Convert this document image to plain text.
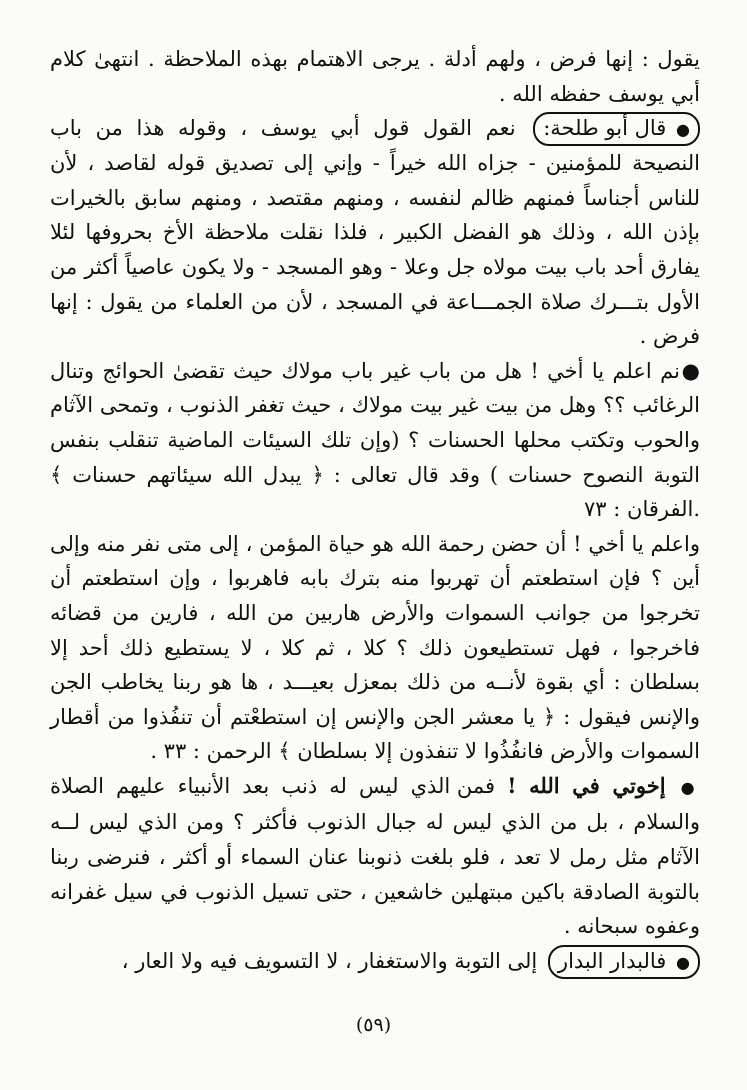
يقول : إنها فرض ، ولهم أدلة . يرجى الاهتمام بهذه الملاحظة . انتهىٰ كلام أبي يوسف حفظه الله .

● قال أبو طلحة: نعم القول قول أبي يوسف ، وقوله هذا من باب النصيحة للمؤمنين - جزاه الله خيراً - وإني إلى تصديق قوله لقاصد ، لأن للناس أجناساً فمنهم ظالم لنفسه ، ومنهم مقتصد ، ومنهم سابق بالخيرات بإذن الله ، وذلك هو الفضل الكبير ، فلذا نقلت ملاحظة الأخ بحروفها لئلا يفارق أحد باب بيت مولاه جل وعلا - وهو المسجد - ولا يكون عاصياً أكثر من الأول بتـــرك صلاة الجمـــاعة في المسجد ، لأن من العلماء من يقول : إنها فرض .

●نم اعلم يا أخي ! هل من باب غير باب مولاك حيث تقضىٰ الحوائج وتنال الرغائب ؟؟ وهل من بيت غير بيت مولاك ، حيث تغفر الذنوب ، وتمحى الآثام والحوب وتكتب محلها الحسنات ؟ (وإن تلك السيئات الماضية تنقلب بنفس التوبة النصوح حسنات ) وقد قال تعالى : ﴿ يبدل الله سيئاتهم حسنات ﴾ .الفرقان : ٧٣

واعلم يا أخي ! أن حضن رحمة الله هو حياة المؤمن ، إلى متى نفر منه وإلى أين ؟ فإن استطعتم أن تهربوا منه بترك بابه فاهربوا ، وإن استطعتم أن تخرجوا من جوانب السموات والأرض هاربين من الله ، فارين من قضائه فاخرجوا ، فهل تستطيعون ذلك ؟ كلا ، ثم كلا ، لا يستطيع ذلك أحد إلا بسلطان : أي بقوة لأنــه من ذلك بمعزل بعيـــد ، ها هو ربنا يخاطب الجن والإنس فيقول : ﴿ يا معشر الجن والإنس إن استطعْتم أن تنفُذوا من أقطار السموات والأرض فانفُذُوا لا تنفذون إلا بسلطان ﴾ الرحمن : ٣٣ .

● إخوتي في الله ! فمن الذي ليس له ذنب بعد الأنبياء عليهم الصلاة والسلام ، بل من الذي ليس له جبال الذنوب فأكثر ؟ ومن الذي ليس لــه الآثام مثل رمل لا تعد ، فلو بلغت ذنوبنا عنان السماء أو أكثر ، فنرضى ربنا بالتوبة الصادقة باكين مبتهلين خاشعين ، حتى تسيل الذنوب في سيل غفرانه وعفوه سبحانه .

● فالبدار البدار إلى التوبة والاستغفار ، لا التسويف فيه ولا العار ،

(٥٩)
